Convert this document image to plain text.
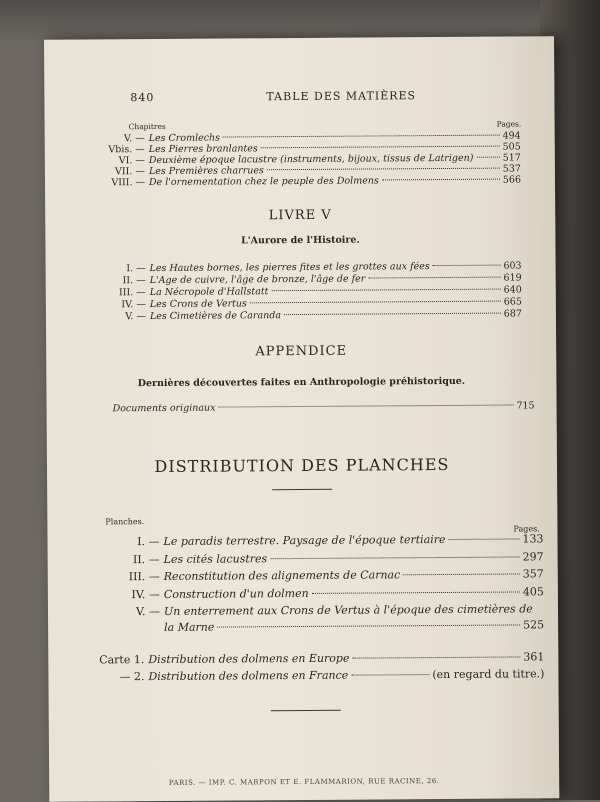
840	TABLE DES MATIÈRES
Chapitres	Pages.
V. — Les Cromlechs	494
Vbis. — Les Pierres branlantes	505
VI. — Deuxième époque lacustre (instruments, bijoux, tissus de Latrigen)	517
VII. — Les Premières charrues	537
VIII. — De l'ornementation chez le peuple des Dolmens	566
LIVRE V
L'Aurore de l'Histoire.
I. — Les Hautes bornes, les pierres fites et les grottes aux fées	603
II. — L'Age de cuivre, l'âge de bronze, l'âge de fer	619
III. — La Nécropole d'Hallstatt	640
IV. — Les Crons de Vertus	665
V. — Les Cimetières de Caranda	687
APPENDICE
Dernières découvertes faites en Anthropologie préhistorique.
Documents originaux	715
DISTRIBUTION DES PLANCHES
Planches.
Pages.
I. — Le paradis terrestre. Paysage de l'époque tertiaire	133
II. — Les cités lacustres	297
III. — Reconstitution des alignements de Carnac	357
IV. — Construction d'un dolmen	405
V. — Un enterrement aux Crons de Vertus à l'époque des cimetières de
la Marne	525
Carte 1. Distribution des dolmens en Europe	361
— 2. Distribution des dolmens en France	(en regard du titre.)
PARIS. — IMP. C. MARPON ET E. FLAMMARION, RUE RACINE, 26.
